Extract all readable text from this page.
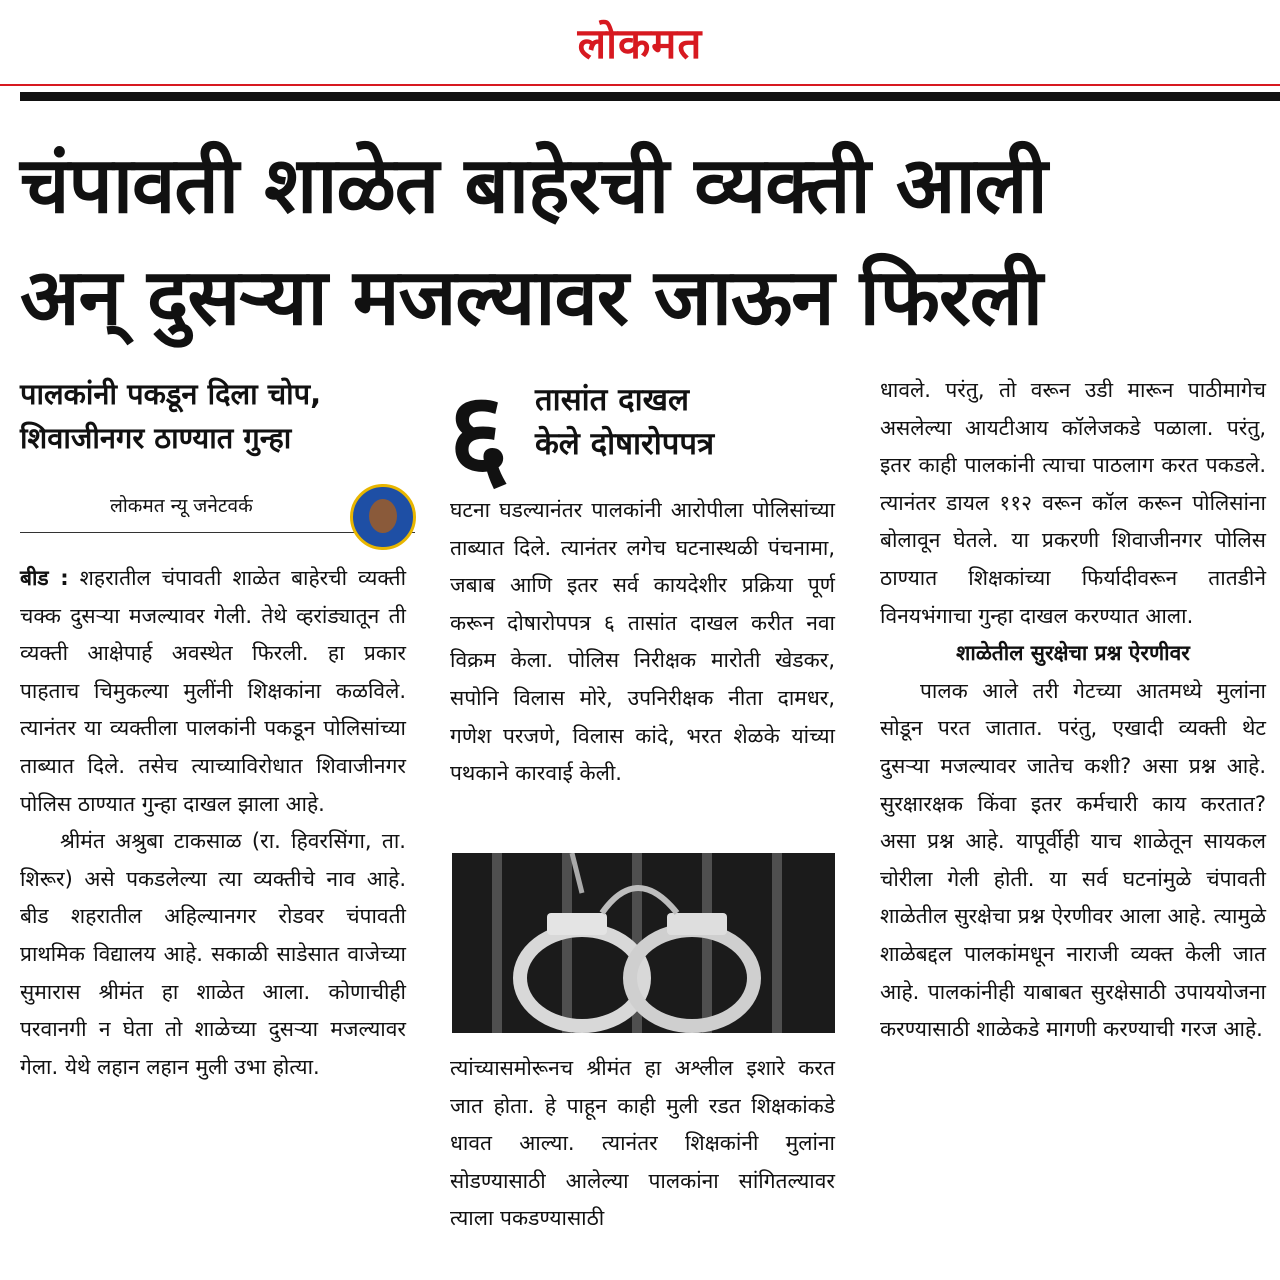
लोकमत
चंपावती शाळेत बाहेरची व्यक्ती आली
अन् दुसऱ्या मजल्यावर जाऊन फिरली
पालकांनी पकडून दिला चोप,
शिवाजीनगर ठाण्यात गुन्हा
लोकमत न्यू जनेटवर्क

बीड : शहरातील चंपावती शाळेत बाहेरची व्यक्ती चक्क दुसऱ्या मजल्यावर गेली. तेथे व्हरांड्यातून ती व्यक्ती आक्षेपार्ह अवस्थेत फिरली. हा प्रकार पाहताच चिमुकल्या मुलींनी शिक्षकांना कळविले. त्यानंतर या व्यक्तीला पालकांनी पकडून पोलिसांच्या ताब्यात दिले. तसेच त्याच्याविरोधात शिवाजीनगर पोलिस ठाण्यात गुन्हा दाखल झाला आहे.

श्रीमंत अश्रुबा टाकसाळ (रा. हिवरसिंगा, ता. शिरूर) असे पकडलेल्या त्या व्यक्तीचे नाव आहे. बीड शहरातील अहिल्यानगर रोडवर चंपावती प्राथमिक विद्यालय आहे. सकाळी साडेसात वाजेच्या सुमारास श्रीमंत हा शाळेत आला. कोणाचीही परवानगी न घेता तो शाळेच्या दुसऱ्या मजल्यावर गेला. येथे लहान लहान मुली उभा होत्या.

६ तासांत दाखल
केले दोषारोपपत्र
घटना घडल्यानंतर पालकांनी आरोपीला पोलिसांच्या ताब्यात दिले. त्यानंतर लगेच घटनास्थळी पंचनामा, जबाब आणि इतर सर्व कायदेशीर प्रक्रिया पूर्ण करून दोषारोपपत्र ६ तासांत दाखल करीत नवा विक्रम केला. पोलिस निरीक्षक मारोती खेडकर, सपोनि विलास मोरे, उपनिरीक्षक नीता दामधर, गणेश परजणे, विलास कांदे, भरत शेळके यांच्या पथकाने कारवाई केली.
त्यांच्यासमोरूनच श्रीमंत हा अश्लील इशारे करत जात होता. हे पाहून काही मुली रडत शिक्षकांकडे धावत आल्या. त्यानंतर शिक्षकांनी मुलांना सोडण्यासाठी आलेल्या पालकांना सांगितल्यावर त्याला पकडण्यासाठी

धावले. परंतु, तो वरून उडी मारून पाठीमागेच असलेल्या आयटीआय कॉलेजकडे पळाला. परंतु, इतर काही पालकांनी त्याचा पाठलाग करत पकडले. त्यानंतर डायल ११२ वरून कॉल करून पोलिसांना बोलावून घेतले. या प्रकरणी शिवाजीनगर पोलिस ठाण्यात शिक्षकांच्या फिर्यादीवरून तातडीने विनयभंगाचा गुन्हा दाखल करण्यात आला.

शाळेतील सुरक्षेचा प्रश्न ऐरणीवर

पालक आले तरी गेटच्या आतमध्ये मुलांना सोडून परत जातात. परंतु, एखादी व्यक्ती थेट दुसऱ्या मजल्यावर जातेच कशी? असा प्रश्न आहे. सुरक्षारक्षक किंवा इतर कर्मचारी काय करतात? असा प्रश्न आहे. यापूर्वीही याच शाळेतून सायकल चोरीला गेली होती. या सर्व घटनांमुळे चंपावती शाळेतील सुरक्षेचा प्रश्न ऐरणीवर आला आहे. त्यामुळे शाळेबद्दल पालकांमधून नाराजी व्यक्त केली जात आहे. पालकांनीही याबाबत सुरक्षेसाठी उपाययोजना करण्यासाठी शाळेकडे मागणी करण्याची गरज आहे.
